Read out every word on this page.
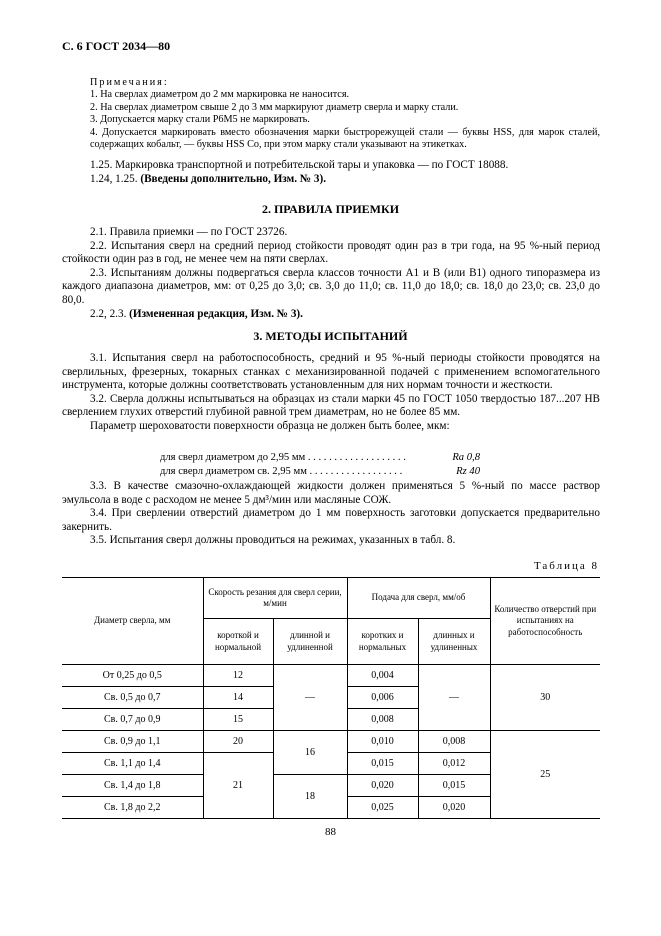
С. 6 ГОСТ 2034—80

Примечания:

1. На сверлах диаметром до 2 мм маркировка не наносится.

2. На сверлах диаметром свыше 2 до 3 мм маркируют диаметр сверла и марку стали.

3. Допускается марку стали Р6М5 не маркировать.

4. Допускается маркировать вместо обозначения марки быстрорежущей стали — буквы HSS, для марок сталей, содержащих кобальт, — буквы HSS Co, при этом марку стали указывают на этикетках.

1.25. Маркировка транспортной и потребительской тары и упаковка — по ГОСТ 18088.

1.24, 1.25. (Введены дополнительно, Изм. № 3).

2. ПРАВИЛА ПРИЕМКИ

2.1. Правила приемки — по ГОСТ 23726.

2.2. Испытания сверл на средний период стойкости проводят один раз в три года, на 95 %-ный период стойкости один раз в год, не менее чем на пяти сверлах.

2.3. Испытаниям должны подвергаться сверла классов точности А1 и В (или В1) одного типоразмера из каждого диапазона диаметров, мм: от 0,25 до 3,0; св. 3,0 до 11,0; св. 11,0 до 18,0; св. 18,0 до 23,0; св. 23,0 до 80,0.

2.2, 2.3. (Измененная редакция, Изм. № 3).

3. МЕТОДЫ ИСПЫТАНИЙ

3.1. Испытания сверл на работоспособность, средний и 95 %-ный периоды стойкости проводятся на сверлильных, фрезерных, токарных станках с механизированной подачей с применением вспомогательного инструмента, которые должны соответствовать установленным для них нормам точности и жесткости.

3.2. Сверла должны испытываться на образцах из стали марки 45 по ГОСТ 1050 твердостью 187...207 НВ сверлением глухих отверстий глубиной равной трем диаметрам, но не более 85 мм.

Параметр шероховатости поверхности образца не должен быть более, мкм:

для сверл диаметром до 2,95 мм . . . . . . . . . . . . . . . . . . .	Ra 0,8
для сверл диаметром св. 2,95 мм . . . . . . . . . . . . . . . . . .	Rz 40

3.3. В качестве смазочно-охлаждающей жидкости должен применяться 5 %-ный по массе раствор эмульсола в воде с расходом не менее 5 дм³/мин или масляные СОЖ.

3.4. При сверлении отверстий диаметром до 1 мм поверхность заготовки допускается предварительно закернить.

3.5. Испытания сверл должны проводиться на режимах, указанных в табл. 8.

Таблица 8
Диаметр сверла, мм	Скорость резания для сверл серии, м/мин		Подача для сверл, мм/об		Количество отверстий при испытаниях на работоспособность
	короткой и нормальной	длинной и удлиненной	коротких и нормальных	длинных и удлиненных	
От 0,25 до 0,5	12	—	0,004	—	30
Св. 0,5 до 0,7	14		0,006		
Св. 0,7 до 0,9	15		0,008		
Св. 0,9 до 1,1	20	16	0,010	0,008	25
Св. 1,1 до 1,4	21		0,015	0,012	
Св. 1,4 до 1,8		18	0,020	0,015	
Св. 1,8 до 2,2			0,025	0,020	
88
